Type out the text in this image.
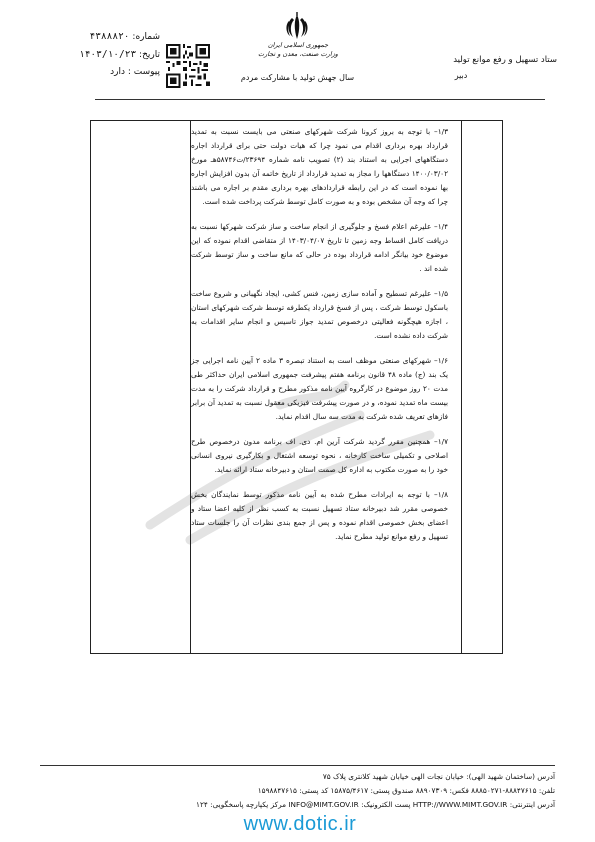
شماره: ۴۳۸۸۸۲۰
تاریخ: ۱۴۰۳/۱۰/۲۳
پیوست : دارد
جمهوری اسلامی ایران
وزارت صنعت، معدن و تجارت
سال جهش تولید با مشارکت مردم
ستاد تسهیل و رفع موانع تولید
دبیر

۱/۳– با توجه به بروز کرونا شرکت شهرکهای صنعتی می بایست نسبت به تمدید قرارداد بهره برداری اقدام می نمود چرا که هیات دولت حتی برای قرارداد اجاره دستگاههای اجرایی به استناد بند (۲) تصویب نامه شماره ۲۳۶۹۴/ت۵۸۷۴۶هـ مورخ ۱۴۰۰/۰۳/۰۲ دستگاهها را مجاز به تمدید قرارداد از تاریخ خاتمه آن بدون افزایش اجاره بها نموده است که در این رابطه قراردادهای بهره برداری مقدم بر اجاره می باشند چرا که وجه آن مشخص بوده و به صورت کامل توسط شرکت پرداخت شده است.

۱/۴– علیرغم اعلام فسخ و جلوگیری از انجام ساخت و ساز شرکت شهرکها نسبت به دریافت کامل اقساط وجه زمین تا تاریخ ۱۴۰۳/۰۴/۰۷ از متقاضی اقدام نموده که این موضوع خود بیانگر ادامه قرارداد بوده در حالی که مانع ساخت و ساز توسط شرکت شده اند .

۱/۵– علیرغم تسطیح و آماده سازی زمین، فنس کشی، ایجاد نگهبانی و شروع ساخت باسکول توسط شرکت ، پس از فسخ قرارداد یکطرفه توسط شرکت شهرکهای استان ، اجازه هیچگونه فعالیتی درخصوص تمدید جواز تاسیس و انجام سایر اقدامات به شرکت داده نشده است.

۱/۶– شهرکهای صنعتی موظف است به استناد تبصره ۳ ماده ۲ آیین نامه اجرایی جز یک بند (ج) ماده ۴۸ قانون برنامه هفتم پیشرفت جمهوری اسلامی ایران حداکثر طی مدت ۲۰ روز موضوع در کارگروه آیین نامه مذکور مطرح و قرارداد شرکت را به مدت بیست ماه تمدید نموده، و در صورت پیشرفت فیزیکی معقول نسبت به تمدید آن برابر فازهای تعریف شده شرکت به مدت سه سال اقدام نماید.

۱/۷– همچنین مقرر گردید شرکت آرین ام. دی. اف برنامه مدون درخصوص طرح اصلاحی و تکمیلی ساخت کارخانه ، نحوه توسعه اشتغال و بکارگیری نیروی انسانی خود را به صورت مکتوب به اداره کل صمت استان و دبیرخانه ستاد ارائه نماید.

۱/۸– با توجه به ایرادات مطرح شده به آیین نامه مذکور توسط نمایندگان بخش خصوصی مقرر شد دبیرخانه ستاد تسهیل نسبت به کسب نظر از کلیه اعضا ستاد و اعضای بخش خصوصی اقدام نموده و پس از جمع بندی نظرات آن را جلسات ستاد تسهیل و رفع موانع تولید مطرح نماید.

آدرس (ساختمان شهید الهی): خیابان نجات الهی خیابان شهید کلانتری پلاک ۷۵
تلفن: ۸۸۸۴۷۶۱۵-۸۸۸۵۰۲۷۱ فکس: ۸۸۹۰۷۳۰۹ صندوق پستی: ۱۵۸۷۵/۴۶۱۷ کد پستی: ۱۵۹۸۸۴۷۶۱۵
آدرس اینترنتی: HTTP://WWW.MIMT.GOV.IR پست الکترونیک: INFO@MIMT.GOV.IR مرکز یکپارچه پاسخگویی: ۱۲۴
www.dotic.ir
